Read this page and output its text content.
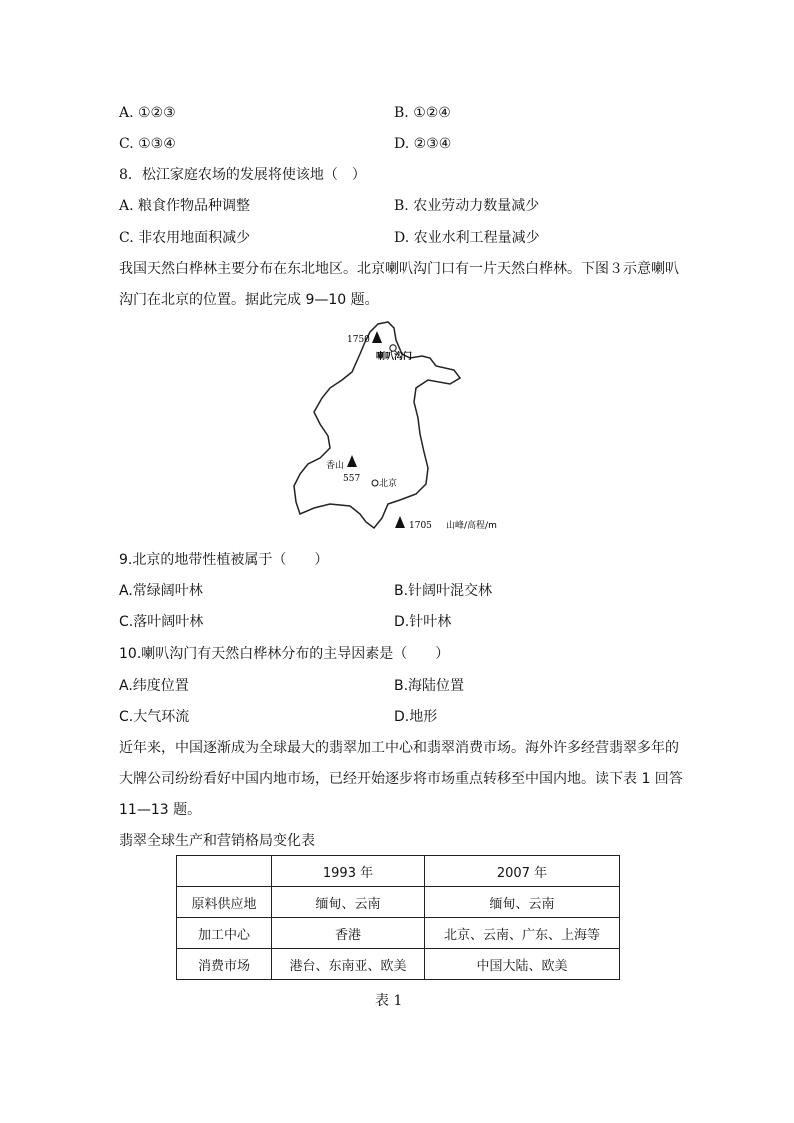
A. ①②③	B. ①②④
C. ①③④	D. ②③④
8．松江家庭农场的发展将使该地（　）
A. 粮食作物品种调整	B. 农业劳动力数量减少
C. 非农用地面积减少	D. 农业水利工程量减少
我国天然白桦林主要分布在东北地区。北京喇叭沟门口有一片天然白桦林。下图３示意喇叭
沟门在北京的位置。据此完成 9—10 题。
1750
喇叭沟门
香山
557 北京
1705 山峰/高程/m
9.北京的地带性植被属于（　　）
A.常绿阔叶林	B.针阔叶混交林
C.落叶阔叶林	D.针叶林
10.喇叭沟门有天然白桦林分布的主导因素是（　　）
A.纬度位置	B.海陆位置
C.大气环流	D.地形
近年来，中国逐渐成为全球最大的翡翠加工中心和翡翠消费市场。海外许多经营翡翠多年的
大牌公司纷纷看好中国内地市场，已经开始逐步将市场重点转移至中国内地。读下表 1 回答
11—13 题。
翡翠全球生产和营销格局变化表
	1993 年	2007 年
原料供应地	缅甸、云南	缅甸、云南
加工中心	香港	北京、云南、广东、上海等
消费市场	港台、东南亚、欧美	中国大陆、欧美
表 1
